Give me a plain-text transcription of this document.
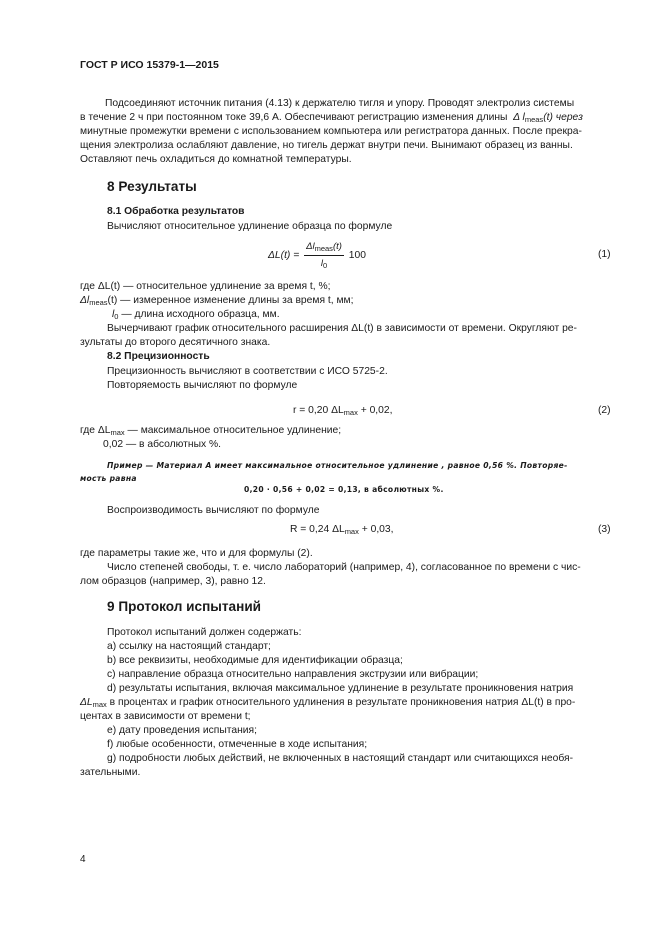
ГОСТ Р ИСО 15379-1—2015
Подсоединяют источник питания (4.13) к держателю тигля и упору. Проводят электролиз системы
в течение 2 ч при постоянном токе 39,6 А. Обеспечивают регистрацию изменения длины Δ $l_{meas}(t)$ через
минутные промежутки времени с использованием компьютера или регистратора данных. После прекра-
щения электролиза ослабляют давление, но тигель держат внутри печи. Вынимают образец из ванны.
Оставляют печь охладиться до комнатной температуры.
8 Результаты
8.1 Обработка результатов
Вычисляют относительное удлинение образца по формуле
$\Delta L(t) = \frac{\Delta l_{meas}(t)}{l_0} 100$	(1)
где ΔL(t) — относительное удлинение за время t, %;
$\Delta l_{meas}(t)$ — измеренное изменение длины за время t, мм;
$l_0$ — длина исходного образца, мм.
Вычерчивают график относительного расширения ΔL(t) в зависимости от времени. Округляют ре-
зультаты до второго десятичного знака.
8.2 Прецизионность
Прецизионность вычисляют в соответствии с ИСО 5725-2.
Повторяемость вычисляют по формуле
r = 0,20 $\Delta L_{max} + 0,02$,	(2)
где $\Delta L_{max}$ — максимальное относительное удлинение;
0,02 — в абсолютных %.
Пример — Материал А имеет максимальное относительное удлинение , равное 0,56 %. Повторяе-
мость равна
0,20 · 0,56 + 0,02 = 0,13, в абсолютных %.
Воспроизводимость вычисляют по формуле
R = 0,24 $\Delta L_{max} + 0,03$,	(3)
где параметры такие же, что и для формулы (2).
Число степеней свободы, т. е. число лабораторий (например, 4), согласованное по времени с чис-
лом образцов (например, 3), равно 12.
9 Протокол испытаний
Протокол испытаний должен содержать:
а) ссылку на настоящий стандарт;
b) все реквизиты, необходимые для идентификации образца;
с) направление образца относительно направления экструзии или вибрации;
d) результаты испытания, включая максимальное удлинение в результате проникновения натрия
$\Delta L_{max}$ в процентах и график относительного удлинения в результате проникновения натрия ΔL(t) в про-
центах в зависимости от времени t;
е) дату проведения испытания;
f) любые особенности, отмеченные в ходе испытания;
g) подробности любых действий, не включенных в настоящий стандарт или считающихся необя-
зательными.
4
